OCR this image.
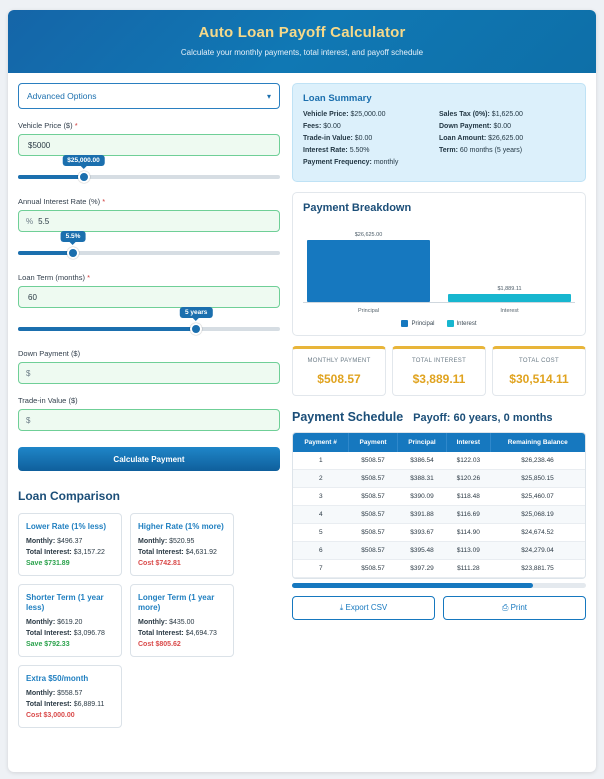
Auto Loan Payoff Calculator

Calculate your monthly payments, total interest, and payoff schedule

Advanced Options	▾
Vehicle Price ($) *
$5000
$25,000.00
Annual Interest Rate (%) *
%
5.5
5.5%
Loan Term (months) *
60
5 years
Down Payment ($)
$
Trade-in Value ($)
$
Calculate Payment
Loan Comparison
Lower Rate (1% less)
Monthly: $496.37
Total Interest: $3,157.22
Save $731.89
Higher Rate (1% more)
Monthly: $520.95
Total Interest: $4,631.92
Cost $742.81
Shorter Term (1 year less)
Monthly: $619.20
Total Interest: $3,096.78
Save $792.33
Longer Term (1 year more)
Monthly: $435.00
Total Interest: $4,694.73
Cost $805.62
Extra $50/month
Monthly: $558.57
Total Interest: $6,889.11
Cost $3,000.00
Loan Summary
Vehicle Price: $25,000.00	Sales Tax (0%): $1,625.00
Fees: $0.00	Down Payment: $0.00
Trade-in Value: $0.00	Loan Amount: $26,625.00
Interest Rate: 5.50%	Term: 60 months (5 years)
Payment Frequency: monthly
Payment Breakdown
$26,625.00
$1,889.11
Principal	Interest
Principal	Interest
MONTHLY PAYMENT
$508.57
TOTAL INTEREST
$3,889.11
TOTAL COST
$30,514.11
Payment Schedule Payoff: 60 years, 0 months
Payment #	Payment	Principal	Interest	Remaining Balance
1	$508.57	$386.54	$122.03	$26,238.46
2	$508.57	$388.31	$120.26	$25,850.15
3	$508.57	$390.09	$118.48	$25,460.07
4	$508.57	$391.88	$116.69	$25,068.19
5	$508.57	$393.67	$114.90	$24,674.52
6	$508.57	$395.48	$113.09	$24,279.04
7	$508.57	$397.29	$111.28	$23,881.75
⤓ Export CSV	⎙ Print
